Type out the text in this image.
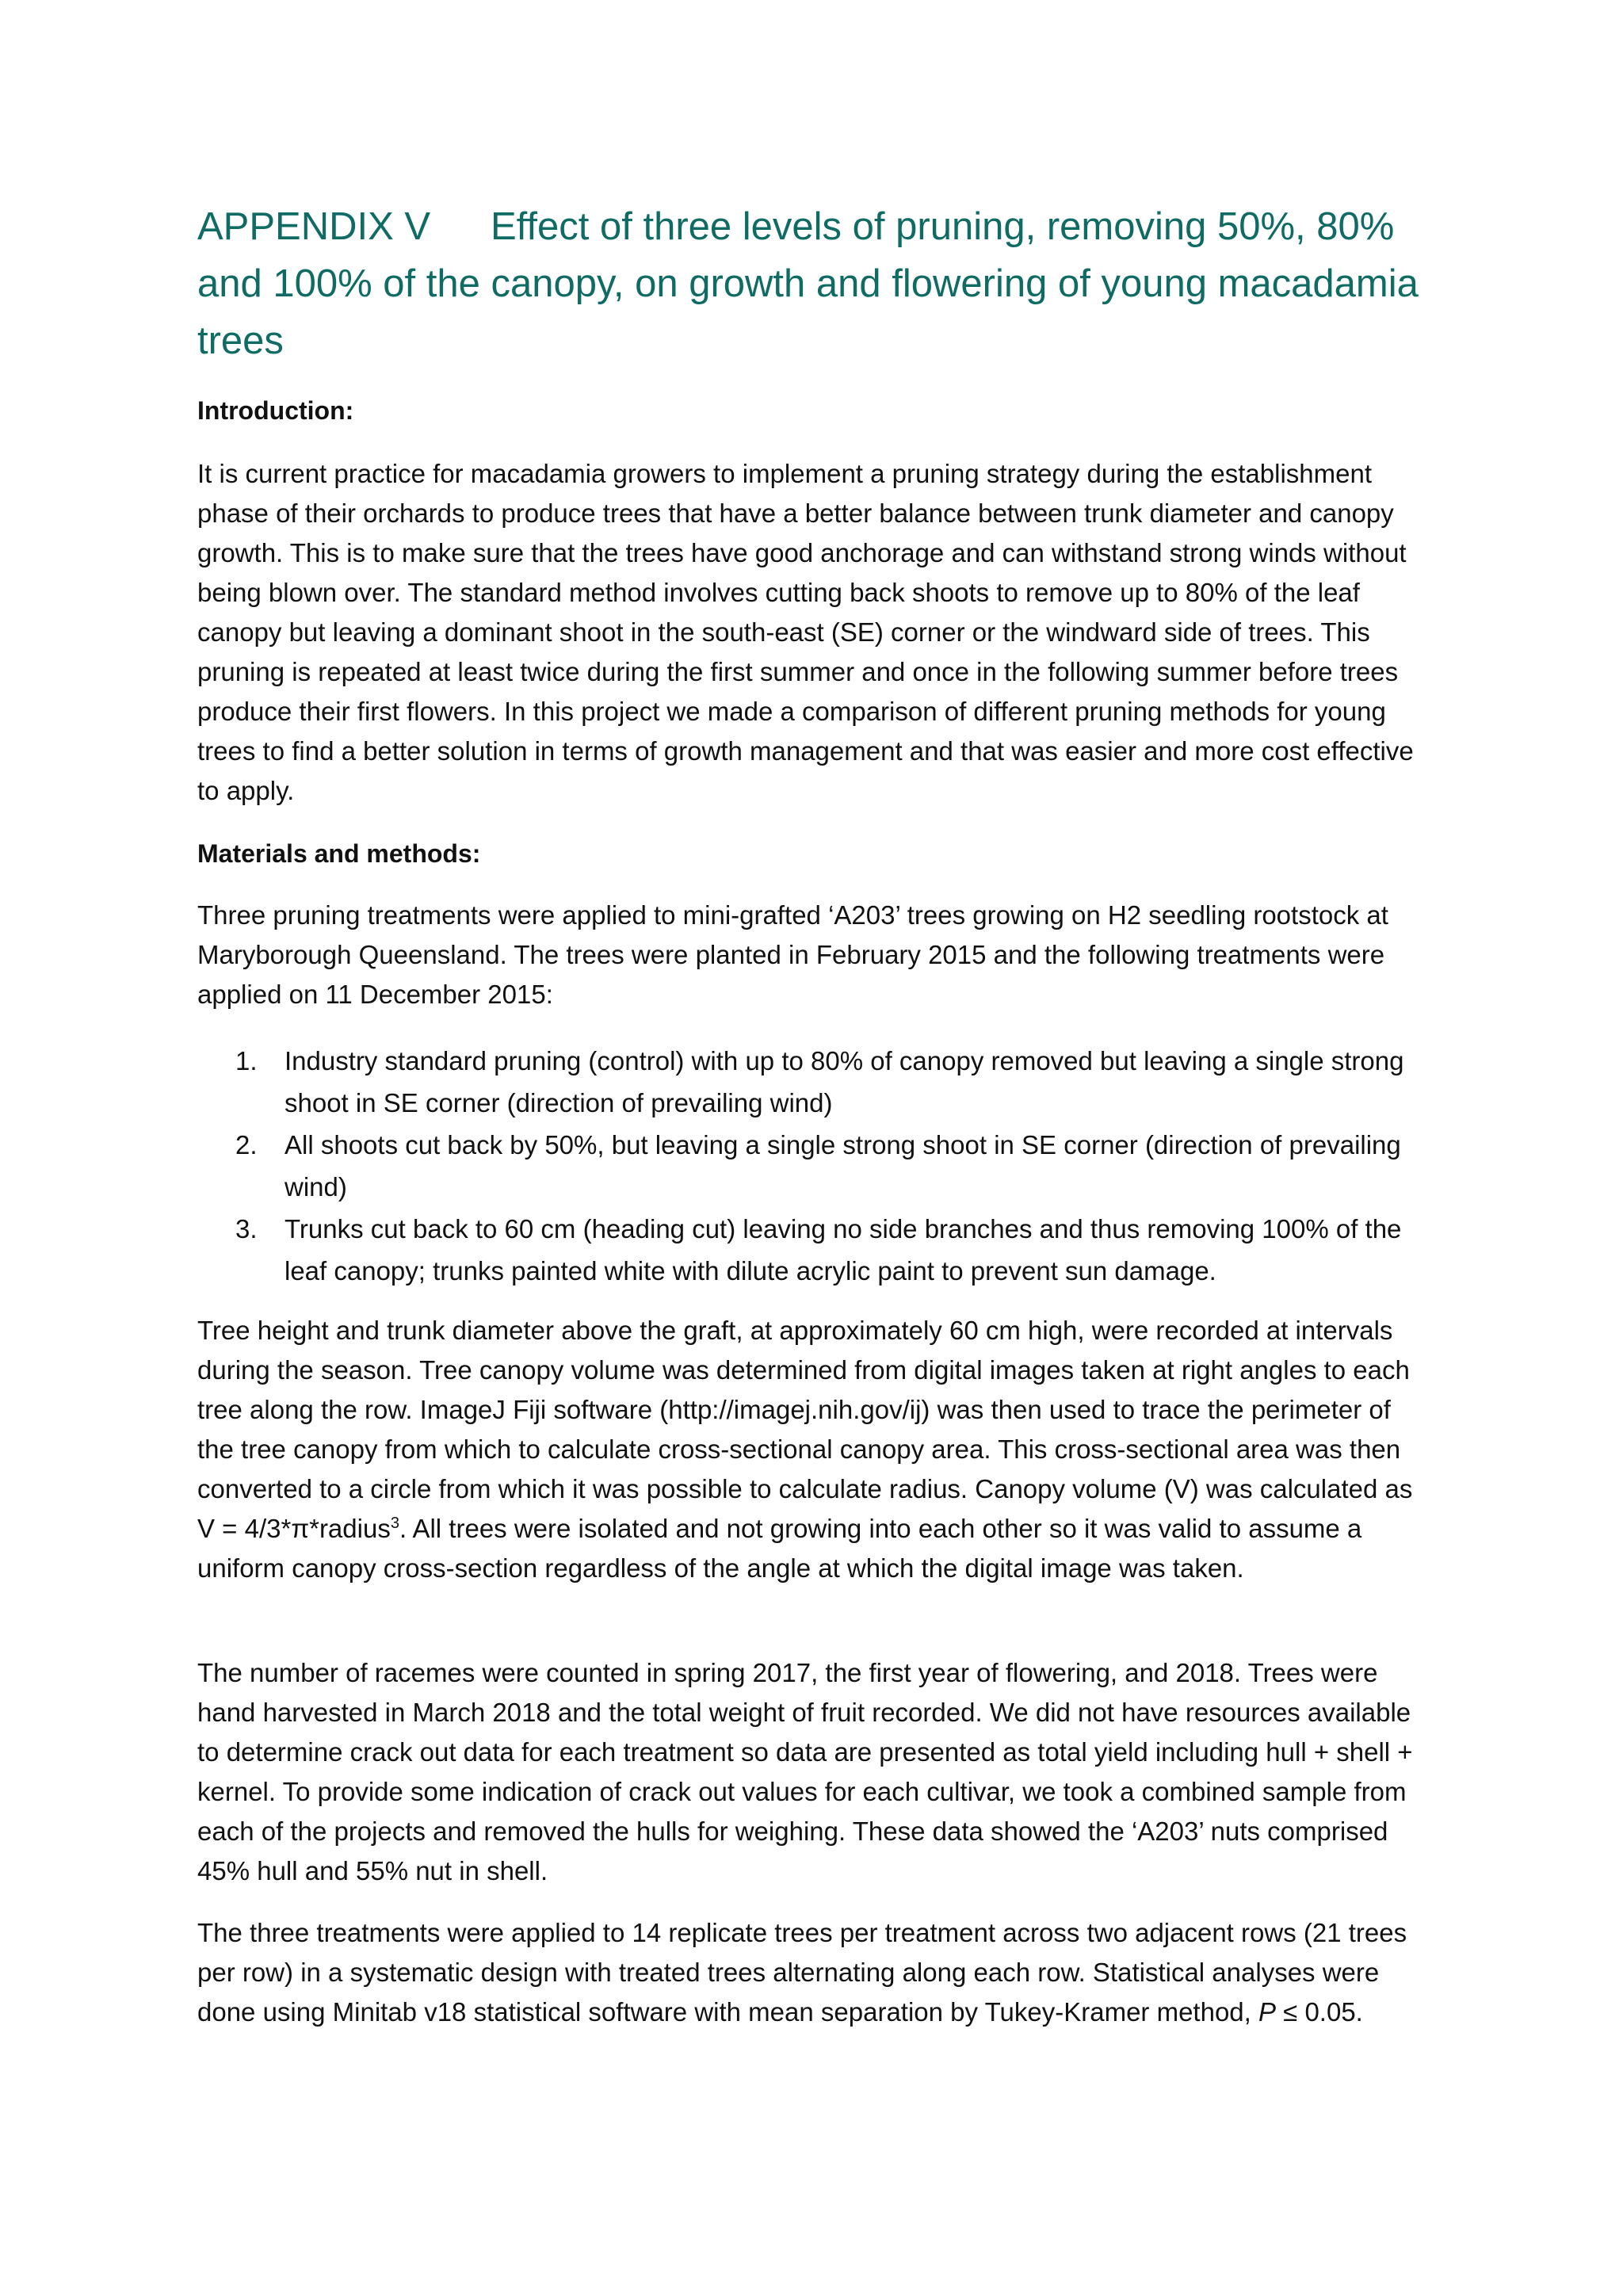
APPENDIX V Effect of three levels of pruning, removing 50%, 80% and 100% of the canopy, on growth and flowering of young macadamia trees
Introduction:

It is current practice for macadamia growers to implement a pruning strategy during the establishment phase of their orchards to produce trees that have a better balance between trunk diameter and canopy growth. This is to make sure that the trees have good anchorage and can withstand strong winds without being blown over. The standard method involves cutting back shoots to remove up to 80% of the leaf canopy but leaving a dominant shoot in the south-east (SE) corner or the windward side of trees. This pruning is repeated at least twice during the first summer and once in the following summer before trees produce their first flowers. In this project we made a comparison of different pruning methods for young trees to find a better solution in terms of growth management and that was easier and more cost effective to apply.

Materials and methods:

Three pruning treatments were applied to mini-grafted ‘A203’ trees growing on H2 seedling rootstock at Maryborough Queensland. The trees were planted in February 2015 and the following treatments were applied on 11 December 2015:

1. Industry standard pruning (control) with up to 80% of canopy removed but leaving a single strong shoot in SE corner (direction of prevailing wind)
2. All shoots cut back by 50%, but leaving a single strong shoot in SE corner (direction of prevailing wind)
3. Trunks cut back to 60 cm (heading cut) leaving no side branches and thus removing 100% of the leaf canopy; trunks painted white with dilute acrylic paint to prevent sun damage.

Tree height and trunk diameter above the graft, at approximately 60 cm high, were recorded at intervals during the season. Tree canopy volume was determined from digital images taken at right angles to each tree along the row. ImageJ Fiji software (http://imagej.nih.gov/ij) was then used to trace the perimeter of the tree canopy from which to calculate cross-sectional canopy area. This cross-sectional area was then converted to a circle from which it was possible to calculate radius. Canopy volume (V) was calculated as V = 4/3*π*radius$^3$. All trees were isolated and not growing into each other so it was valid to assume a uniform canopy cross-section regardless of the angle at which the digital image was taken.

The number of racemes were counted in spring 2017, the first year of flowering, and 2018. Trees were hand harvested in March 2018 and the total weight of fruit recorded. We did not have resources available to determine crack out data for each treatment so data are presented as total yield including hull + shell + kernel. To provide some indication of crack out values for each cultivar, we took a combined sample from each of the projects and removed the hulls for weighing. These data showed the ‘A203’ nuts comprised 45% hull and 55% nut in shell.

The three treatments were applied to 14 replicate trees per treatment across two adjacent rows (21 trees per row) in a systematic design with treated trees alternating along each row. Statistical analyses were done using Minitab v18 statistical software with mean separation by Tukey-Kramer method, P ≤ 0.05.
